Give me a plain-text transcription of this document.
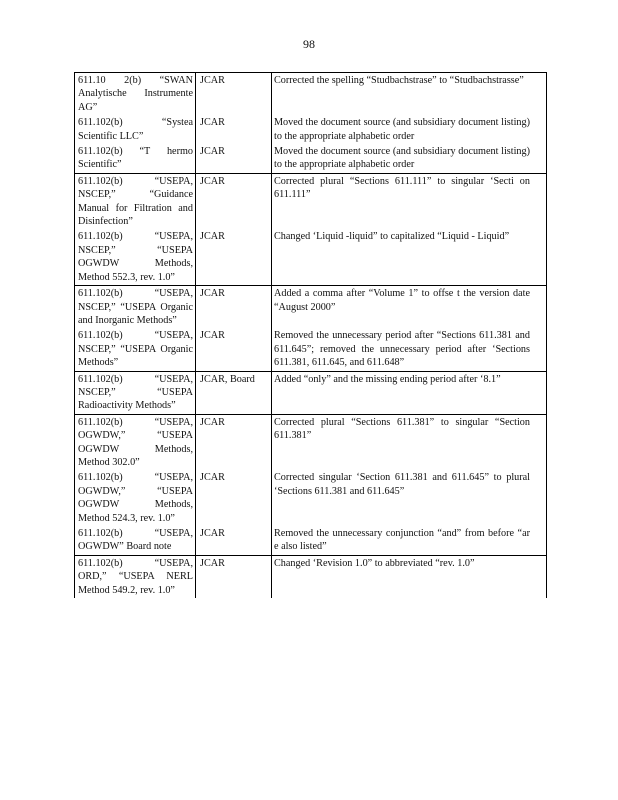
98
611.10 2(b) “SWAN Analytische Instrumente AG”	JCAR	Corrected the spelling “Studbachstrase” to “Studbachstrasse”
611.102(b) “Systea Scientific LLC”	JCAR	Moved the document source (and subsidiary document listing) to the appropriate alphabetic order
611.102(b) “T hermo Scientific”	JCAR	Moved the document source (and subsidiary document listing) to the appropriate alphabetic order
611.102(b) “USEPA, NSCEP,” “Guidance Manual for Filtration and Disinfection”	JCAR	Corrected plural “Sections 611.111” to singular ‘Secti on 611.111”
611.102(b) “USEPA, NSCEP,” “USEPA OGWDW Methods, Method 552.3, rev. 1.0”	JCAR	Changed ‘Liquid -liquid” to capitalized “Liquid - Liquid”
611.102(b) “USEPA, NSCEP,” “USEPA Organic and Inorganic Methods”	JCAR	Added a comma after “Volume 1” to offse t the version date “August 2000”
611.102(b) “USEPA, NSCEP,” “USEPA Organic Methods”	JCAR	Removed the unnecessary period after “Sections 611.381 and 611.645”; removed the unnecessary period after ‘Sections 611.381, 611.645, and 611.648”
611.102(b) “USEPA, NSCEP,” “USEPA Radioactivity Methods”	JCAR, Board	Added “only” and the missing ending period after ‘8.1”
611.102(b) “USEPA, OGWDW,” “USEPA OGWDW Methods, Method 302.0”	JCAR	Corrected plural “Sections 611.381” to singular “Section 611.381”
611.102(b) “USEPA, OGWDW,” “USEPA OGWDW Methods, Method 524.3, rev. 1.0”	JCAR	Corrected singular ‘Section 611.381 and 611.645” to plural ‘Sections 611.381 and 611.645”
611.102(b) “USEPA, OGWDW” Board note	JCAR	Removed the unnecessary conjunction “and” from before “ar e also listed”
611.102(b) “USEPA, ORD,” “USEPA NERL Method 549.2, rev. 1.0”	JCAR	Changed ‘Revision 1.0” to abbreviated “rev. 1.0”
